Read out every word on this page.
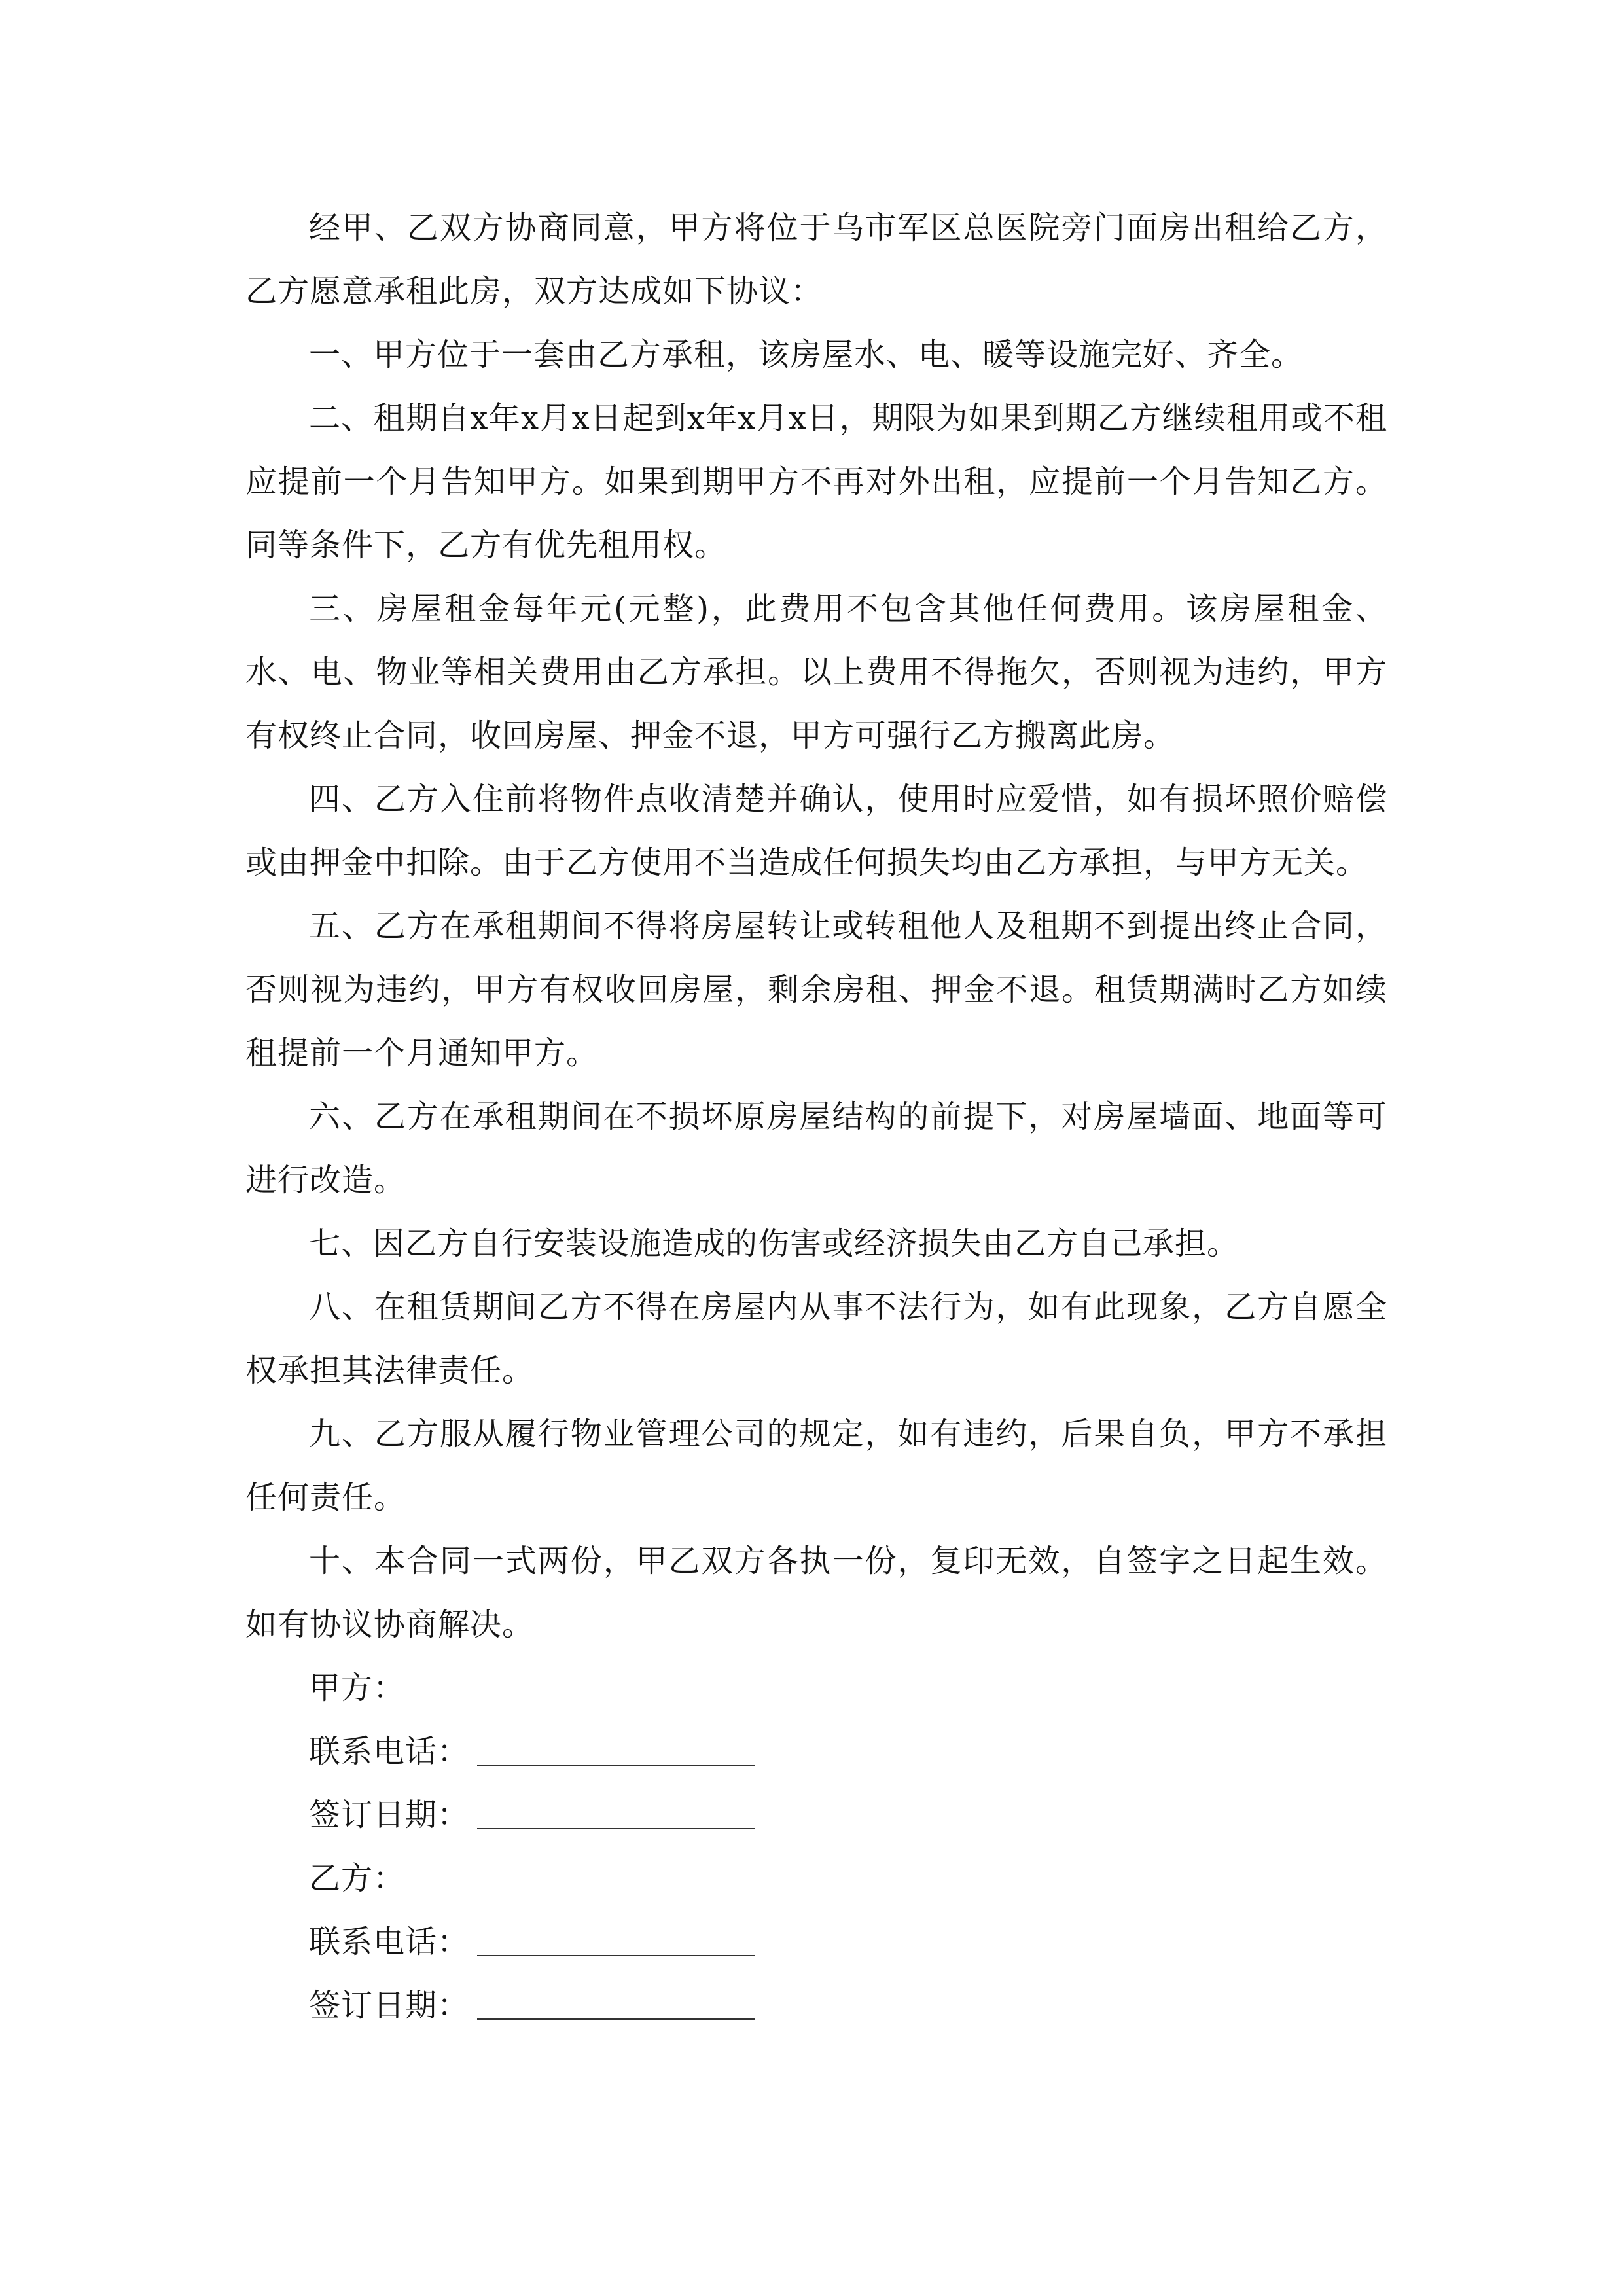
经甲、乙双方协商同意，甲方将位于乌市军区总医院旁门面房出租给乙方，乙方愿意承租此房，双方达成如下协议：

一、甲方位于一套由乙方承租，该房屋水、电、暖等设施完好、齐全。

二、租期自x年x月x日起到x年x月x日，期限为如果到期乙方继续租用或不租应提前一个月告知甲方。如果到期甲方不再对外出租，应提前一个月告知乙方。同等条件下，乙方有优先租用权。

三、房屋租金每年元(元整)，此费用不包含其他任何费用。该房屋租金、水、电、物业等相关费用由乙方承担。以上费用不得拖欠，否则视为违约，甲方有权终止合同，收回房屋、押金不退，甲方可强行乙方搬离此房。

四、乙方入住前将物件点收清楚并确认，使用时应爱惜，如有损坏照价赔偿或由押金中扣除。由于乙方使用不当造成任何损失均由乙方承担，与甲方无关。

五、乙方在承租期间不得将房屋转让或转租他人及租期不到提出终止合同，否则视为违约，甲方有权收回房屋，剩余房租、押金不退。租赁期满时乙方如续租提前一个月通知甲方。

六、乙方在承租期间在不损坏原房屋结构的前提下，对房屋墙面、地面等可进行改造。

七、因乙方自行安装设施造成的伤害或经济损失由乙方自己承担。

八、在租赁期间乙方不得在房屋内从事不法行为，如有此现象，乙方自愿全权承担其法律责任。

九、乙方服从履行物业管理公司的规定，如有违约，后果自负，甲方不承担任何责任。

十、本合同一式两份，甲乙双方各执一份，复印无效，自签字之日起生效。如有协议协商解决。

甲方：

联系电话：

签订日期：

乙方：

联系电话：

签订日期：
